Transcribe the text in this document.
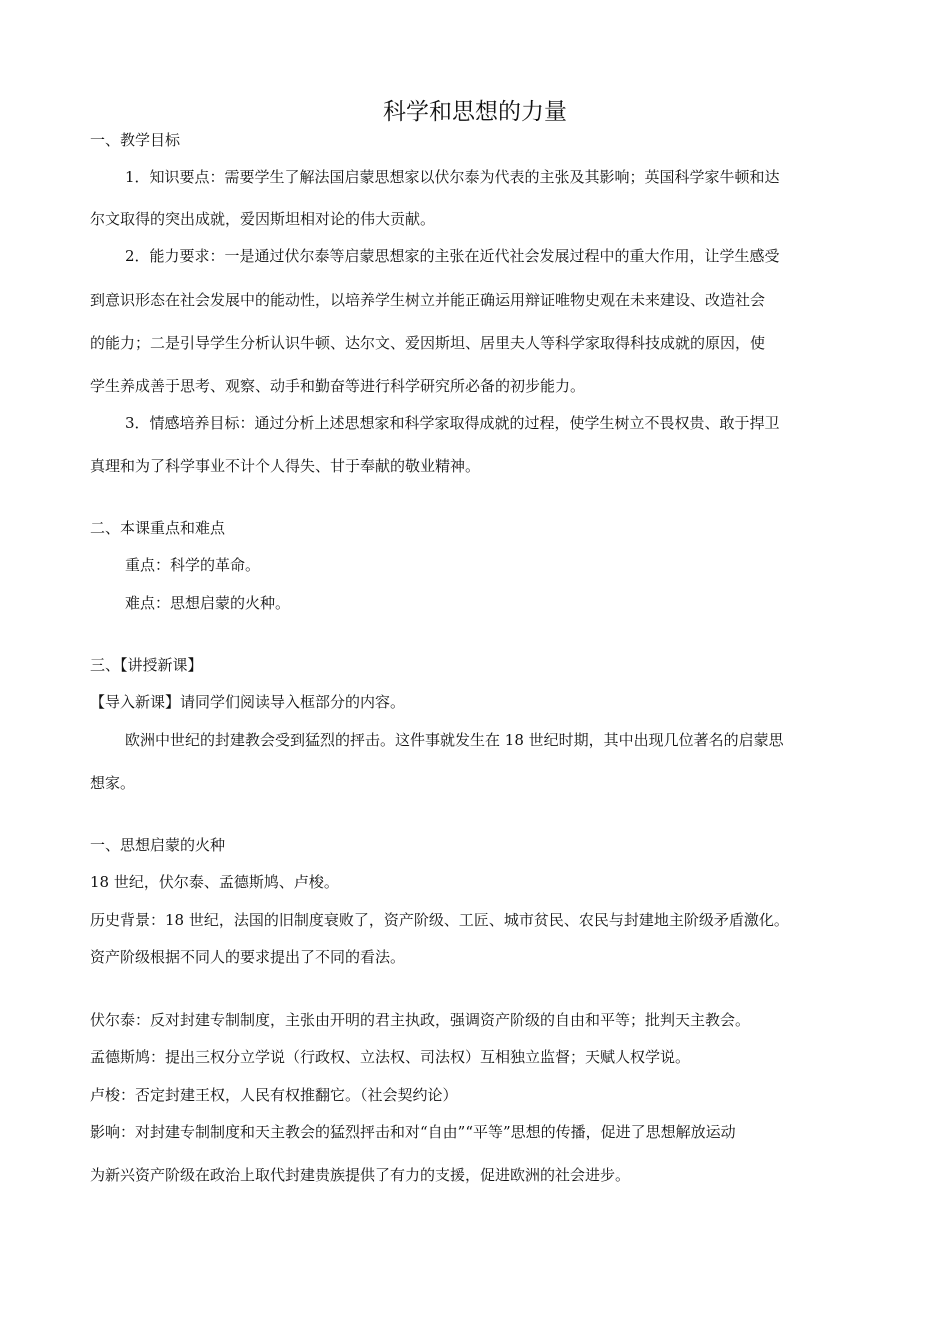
科学和思想的力量
一、教学目标
1．知识要点：需要学生了解法国启蒙思想家以伏尔泰为代表的主张及其影响；英国科学家牛顿和达
尔文取得的突出成就，爱因斯坦相对论的伟大贡献。
2．能力要求：一是通过伏尔泰等启蒙思想家的主张在近代社会发展过程中的重大作用，让学生感受
到意识形态在社会发展中的能动性，以培养学生树立并能正确运用辩证唯物史观在未来建设、改造社会
的能力；二是引导学生分析认识牛顿、达尔文、爱因斯坦、居里夫人等科学家取得科技成就的原因，使
学生养成善于思考、观察、动手和勤奋等进行科学研究所必备的初步能力。
3．情感培养目标：通过分析上述思想家和科学家取得成就的过程，使学生树立不畏权贵、敢于捍卫
真理和为了科学事业不计个人得失、甘于奉献的敬业精神。
二、本课重点和难点
重点：科学的革命。
难点：思想启蒙的火种。
三、【讲授新课】
【导入新课】请同学们阅读导入框部分的内容。
欧洲中世纪的封建教会受到猛烈的抨击。这件事就发生在 18 世纪时期，其中出现几位著名的启蒙思
想家。
一、思想启蒙的火种
18 世纪，伏尔泰、孟德斯鸠、卢梭。
历史背景：18 世纪，法国的旧制度衰败了，资产阶级、工匠、城市贫民、农民与封建地主阶级矛盾激化。
资产阶级根据不同人的要求提出了不同的看法。
伏尔泰：反对封建专制制度，主张由开明的君主执政，强调资产阶级的自由和平等；批判天主教会。
孟德斯鸠：提出三权分立学说（行政权、立法权、司法权）互相独立监督；天赋人权学说。
卢梭：否定封建王权，人民有权推翻它。（社会契约论）
影响：对封建专制制度和天主教会的猛烈抨击和对“自由”“平等”思想的传播，促进了思想解放运动
为新兴资产阶级在政治上取代封建贵族提供了有力的支援，促进欧洲的社会进步。
